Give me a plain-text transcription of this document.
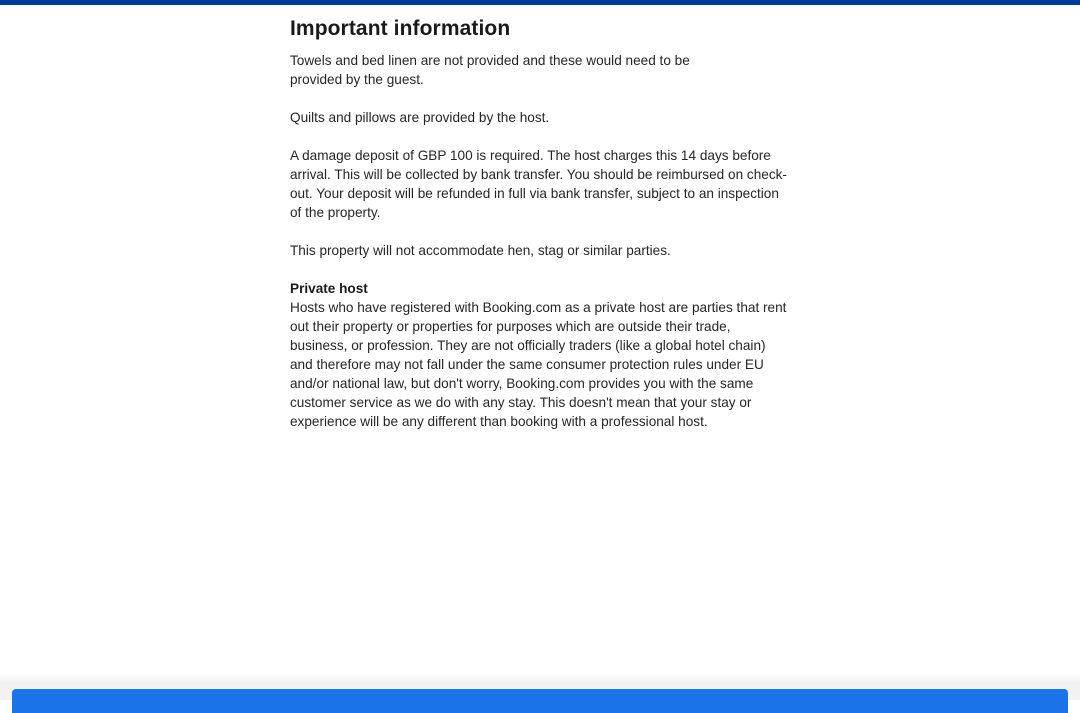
Important information

Towels and bed linen are not provided and these would need to be provided by the guest.

Quilts and pillows are provided by the host.

A damage deposit of GBP 100 is required. The host charges this 14 days before arrival. This will be collected by bank transfer. You should be reimbursed on check-out. Your deposit will be refunded in full via bank transfer, subject to an inspection of the property.

This property will not accommodate hen, stag or similar parties.

Private host

Hosts who have registered with Booking.com as a private host are parties that rent out their property or properties for purposes which are outside their trade, business, or profession. They are not officially traders (like a global hotel chain) and therefore may not fall under the same consumer protection rules under EU and/or national law, but don't worry, Booking.com provides you with the same customer service as we do with any stay. This doesn't mean that your stay or experience will be any different than booking with a professional host.
